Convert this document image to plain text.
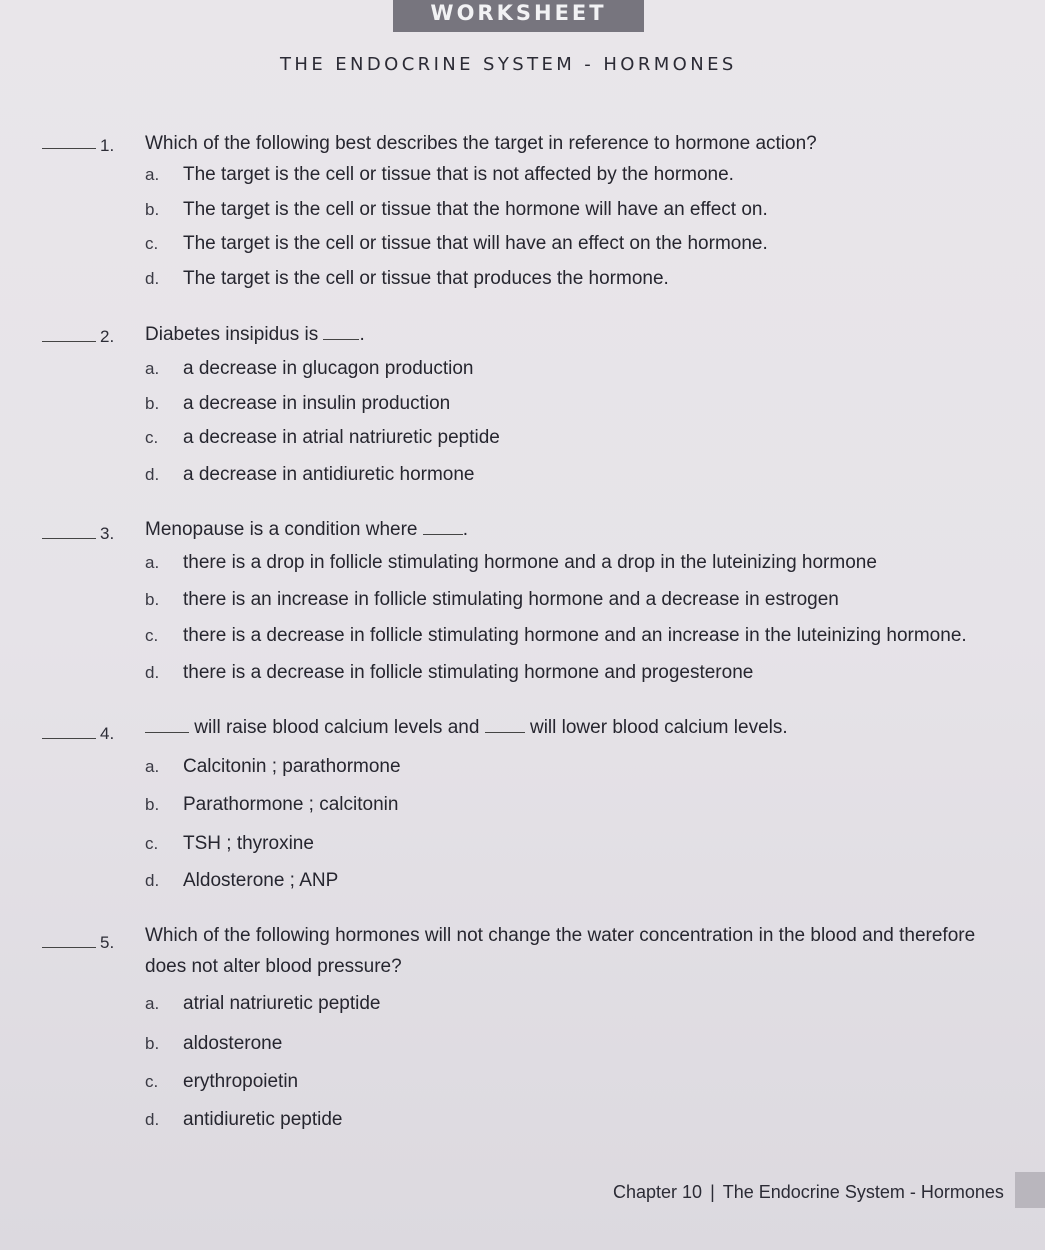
WORKSHEET
THE ENDOCRINE SYSTEM - HORMONES
1. Which of the following best describes the target in reference to hormone action?
a. The target is the cell or tissue that is not affected by the hormone.
b. The target is the cell or tissue that the hormone will have an effect on.
c. The target is the cell or tissue that will have an effect on the hormone.
d. The target is the cell or tissue that produces the hormone.
2. Diabetes insipidus is .
a. a decrease in glucagon production
b. a decrease in insulin production
c. a decrease in atrial natriuretic peptide
d. a decrease in antidiuretic hormone
3. Menopause is a condition where .
a. there is a drop in follicle stimulating hormone and a drop in the luteinizing hormone
b. there is an increase in follicle stimulating hormone and a decrease in estrogen
c. there is a decrease in follicle stimulating hormone and an increase in the luteinizing hormone.
d. there is a decrease in follicle stimulating hormone and progesterone
4.	will raise blood calcium levels and	will lower blood calcium levels.
a. Calcitonin ; parathormone
b. Parathormone ; calcitonin
c. TSH ; thyroxine
d. Aldosterone ; ANP
5. Which of the following hormones will not change the water concentration in the blood and therefore does not alter blood pressure?
a. atrial natriuretic peptide
b. aldosterone
c. erythropoietin
d. antidiuretic peptide
Chapter 10 | The Endocrine System - Hormones
